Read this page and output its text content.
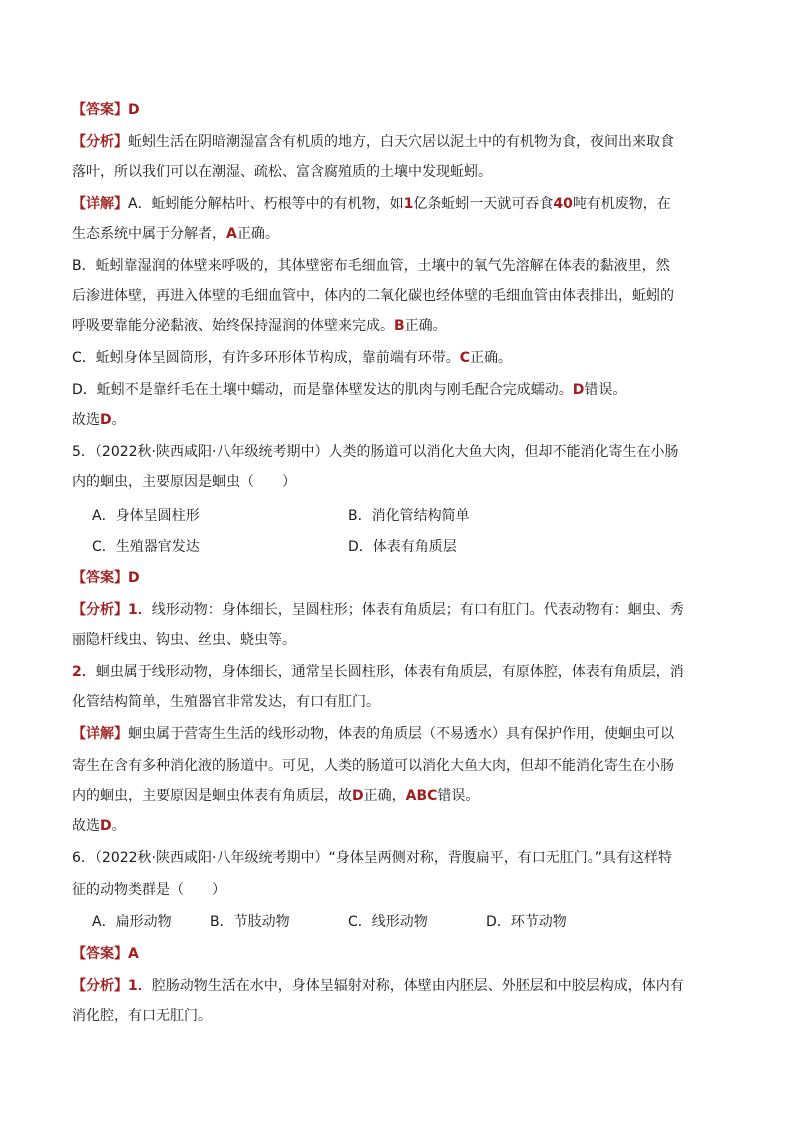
【答案】D
【分析】蚯蚓生活在阴暗潮湿富含有机质的地方，白天穴居以泥土中的有机物为食，夜间出来取食
落叶，所以我们可以在潮湿、疏松、富含腐殖质的土壤中发现蚯蚓。
【详解】A．蚯蚓能分解枯叶、朽根等中的有机物，如1亿条蚯蚓一天就可吞食40吨有机废物，在
生态系统中属于分解者，A正确。
B．蚯蚓靠湿润的体壁来呼吸的，其体壁密布毛细血管，土壤中的氧气先溶解在体表的黏液里，然
后渗进体壁，再进入体壁的毛细血管中，体内的二氧化碳也经体壁的毛细血管由体表排出，蚯蚓的
呼吸要靠能分泌黏液、始终保持湿润的体壁来完成。B正确。
C．蚯蚓身体呈圆筒形，有许多环形体节构成，靠前端有环带。C正确。
D．蚯蚓不是靠纤毛在土壤中蠕动，而是靠体壁发达的肌肉与刚毛配合完成蠕动。D错误。
故选D。
5．（2022秋·陕西咸阳·八年级统考期中）人类的肠道可以消化大鱼大肉，但却不能消化寄生在小肠
内的蛔虫，主要原因是蛔虫（　　）
A．身体呈圆柱形	B．消化管结构简单
C．生殖器官发达	D．体表有角质层
【答案】D
【分析】1．线形动物：身体细长，呈圆柱形；体表有角质层；有口有肛门。代表动物有：蛔虫、秀
丽隐杆线虫、钩虫、丝虫、蛲虫等。
2．蛔虫属于线形动物，身体细长，通常呈长圆柱形，体表有角质层，有原体腔，体表有角质层，消
化管结构简单，生殖器官非常发达，有口有肛门。
【详解】蛔虫属于营寄生生活的线形动物，体表的角质层（不易透水）具有保护作用，使蛔虫可以
寄生在含有多种消化液的肠道中。可见，人类的肠道可以消化大鱼大肉，但却不能消化寄生在小肠
内的蛔虫，主要原因是蛔虫体表有角质层，故D正确，ABC错误。
故选D。
6．（2022秋·陕西咸阳·八年级统考期中）“身体呈两侧对称，背腹扁平，有口无肛门。”具有这样特
征的动物类群是（　　）
A．扁形动物	B．节肢动物	C．线形动物	D．环节动物
【答案】A
【分析】1．腔肠动物生活在水中，身体呈辐射对称，体壁由内胚层、外胚层和中胶层构成，体内有
消化腔，有口无肛门。
